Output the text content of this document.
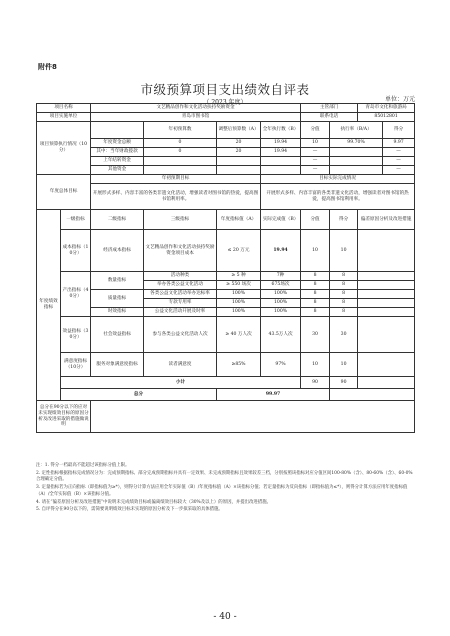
附件8
市级预算项目支出绩效自评表
（ 2023 年度）	单位：万元
项目名称		文艺精品创作和文化活动扶持奖励资金				主管部门		青岛市文化和旅游局	
项目实施单位		青岛市图书馆				联系电话		85012801	
项目预算执行情况（10分）			年初预算数	调整后预算数（A）	全年执行数（B）	分值	执行率（B/A）		得分
		年度资金总额	0	20	19.94	10	99.70%		9.97
		其中：当年财政拨款	0	20	19.94	—			—
		上年结转资金				—			—
		其他资金				—			—
年度总体目标		年初预期目标			目标实际完成情况				
		开展形式多样、内容丰富的各类非遗文化活动，增强读者对图书馆的热爱，提高图书馆利用率。			开展形式多样、内容丰富的各类非遗文化活动，增强读者对图书馆的热爱，提高图书馆利用率。				
年度绩效指标	一级指标	二级指标	三级指标	年度指标值（A）	实际完成值（B）	分值	得分	偏差原因分析及改进措施	
	成本指标（10分）	经济成本指标	文艺精品创作和文化活动扶持奖励资金项目成本	≤ 20 万元	19.94	10	10		
	产出指标（40分）	数量指标	活动种类	≥ 5 种	7种	8	8		
			举办各类公益文化活动	≥ 550 场次	675场次	8	8		
		质量指标	各类公益文化活动举办达标率	100%	100%	8	8		
			专款专用率	100%	100%	8	8		
		时效指标	公益文化活动开展及时率	100%	100%	8	8		
	效益指标（30分）	社会效益指标	参与各类公益文化活动人次	≥ 40 万人次	43.5万人次	30	30		
	满意度指标（10分）	服务对象满意度指标	读者满意度	≥85%	97%	10	10		
	小计					90	90		
	总分			99.97					
总分在90分以下的应对未实现绩效目标的原因分析及改进采取的措施做说明									
注：1. 得分一档最高不能超过该指标分值上限。
2. 定性指标根据指标完成情况分为：完成预期指标、部分完成预期指标并具有一定效果、未完成预期指标且效果较差三档，分别按照该指标对应分值区间100-80%（含）、80-60%（含）、60-0%合理确定分值。
3. 定量指标若为正向指标（即指标值为≥*），则得分计算方法应用全年实际值（B）/年度指标值（A）×该指标分值；若定量指标为反向指标（即指标值为≤*），则得分计算方法应用年度指标值（A）/全年实际值（B）×该指标分值。
4. 请在“偏差原因分析及改进措施”中说明未完成绩效目标或偏离绩效目标较大（30%及以上）的原因，并提出改进措施。
5. 自评得分在90分以下的，需简要说明绩效目标未实现的原因分析及下一步拟采取的具体措施。
- 40 -
